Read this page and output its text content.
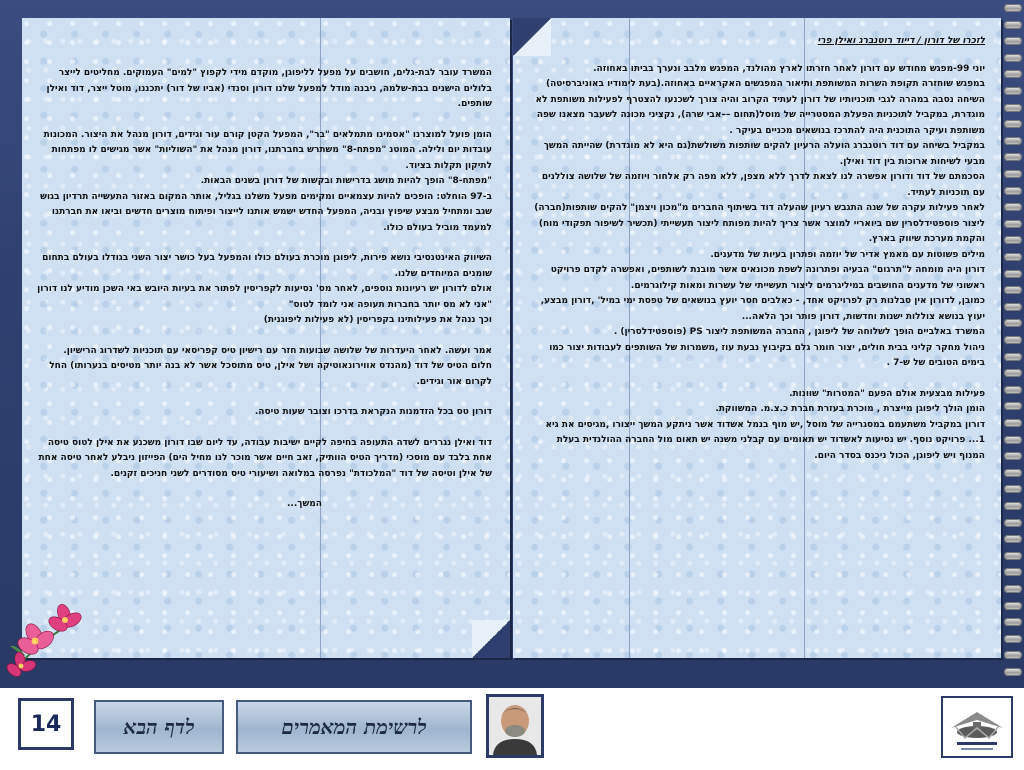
המשרד עובר לבת-גלים, חושבים על מפעל לליפוגן, מוקדם מידי לקפוץ "למים" העמוקים. מחליטים לייצר בלולים הישנים בבת-שלמה, ניבנה מודל למפעל שלנו דורון וסנדי (אביו של דור) יתכננו, מוטל ייצר, דוד ואילן שותפים.

הומן פועל למוצרנו "אסמינו מתמלאים "בר", המפעל הקטן קורם עור וגידים, דורון מנהל את היצור. המכונות עובדות יום ולילה. המוטנ "מפתח-8" משתרש בחברתנו, דורון מנהל את "השוליות" אשר מגישים לו מפתחות לתיקון תקלות בציוד.
"מפתח-8" הופך להיות מושג בדרישות ובקשות של דורון בשנים הבאות.
ב-97 הוחלט: הופכים להיות עצמאיים ומקימים מפעל משלנו בגליל, אותר המקום באזור התעשייה תרדיון בגוש שגב ומתחיל מבצע שיפוץ ובניה, המפעל החדש ישמש אותנו לייצור ופיתוח מוצרים חדשים וביאו את חברתנו למעמד מוביל בעולם כולו.

השיווק האינטנסיבי נושא פירות, ליפוגן מוכרת בעולם כולו והמפעל בעל כושר יצור השני בגודלו בעולם בתחום שומנים המיוחדים שלנו.
אולם לדורון יש רעיונות נוספים, לאחר מס' נסיעות לקפריסין לפתור את בעיות היובש באי השכן מודיע לנו דורון "אני לא מס יותר בחברות תעופה אני לומד לטוס"
וכך ננהל את פעילותינו בקפריסין (לא פעילות ליפוגנית)

אמר ועשה. לאחר היעדרות של שלושה שבועות חזר עם רישיון טיס קפריסאי עם תוכניות לשדרוג הרישיון.
חלום הטיס של דוד (מהנדס אווירונאוטיקה ושל אילן, טיס מתוסכל אשר לא בנה יותר מטיסים בנערותו) החל לקרום אור וגידים.

דורון טס בכל הזדמנות הנקראת בדרכו וצובר שעות טיסה.

דוד ואילן נגררים לשדה התעופה בחיפה לקיים ישיבות עבודה, עד ליום שבו דורון משכנע את אילן לטוס טיסה אחת בלבד עם מוסכי (מדריך הטיס הוותיק, זאב חיים אשר מוכר לנו מחיל הים) הפייזון ניבלע לאחר טיסה אחת של אילן וטיסה של דוד "המלכודת" נפרסה במלואה ושיעורי טיס מסודרים לשני חניכים זקנים.

המשך...

לזכרו של דורון / דייוד רוטנברג ואילן פרי

יוני 99-מפגש מחודש עם דורון לאחר חזרתו לארץ מהולנד, המפגש מלבב ונערך בביתו באחוזה.
במפגש שוחזרה תקופת השרות המשותפת ותיאור המפגשים האקראיים באחוזה.(בעת לימודיו באוניברסיטה)
השיחה נסבה במהרה לגבי תוכניותיו של דורון לעתיד הקרוב והיה צורך לשכנעו להצטרף לפעילות משותפת לא מוגדרת, במקביל לתוכניות הפעלת המסטרייה של מוסל(תחום ––אבי שרה), נקציני מכונה לשעבר מצאנו שפה משותפת ועיקר התוכנית היה להתרכז בנושאים מכניים בעיקר .
במקביל בשיחה עם דוד רוטנברג הועלה הרעיון להקים שותפות משולשת(גם היא לא מוגדרת) שהייתה המשך מבעי לשיחות ארוכות בין דוד ואילן.
הסכמתם של דוד ודורון אפשרה לנו לצאת לדרך ללא מצפן, ללא מפה רק אלחור ויוזמה של שלושה צוללנים עם תוכניות לעתיד.
לאחר פעילות עקרה של שנה התגבש רעיון שהעלה דוד בשיתוף החברים מ"מכון ויצמן" להקים שותפות(חברה) ליצור פוספטידלסרין שם ביואריי למוצר אשר צריך להיות מפותח ליצור תעשייתי (תכשיר לשיפור תפקודי מוח) והקמת מערכת שיווק בארץ.
מילים פשוטות עם מאמץ אדיר של יוזמה ופתרון בעיות של מדענים.
דורון היה מומחה ל"תרגום" הבעיה ופתרונה לשפת מכונאים אשר מובנת לשותפים, ואפשרה לקדם פרויקט ראשוני של מדענים החושבים במיליגרמים ליצור תעשייתי של עשרות ומאות קילוגרמים.
כמובן, לדורון אין סבלנות רק לפרויקט אחד, - כאלבים חסר יועץ בנושאים של טפסת ימי במיל' ,דורון מבצע, יעוץ בנושא צוללות ישנות וחדשות, דורון פותר וכך הלאה...
המשרד באלביים הופך לשלוחה של ליפוגן , החברה המשותפת ליצור PS (פוספטידלסרין) .
ניהול מחקר קליני בבית חולים, יצור חומר גלם בקיבוץ נבעת עוז ,משמרות של השותפים לעבודות יצור כמו בימים הטובים של ש-7 .

פעילות מבצעית אולם הפעם "המטרות" שוונות.
הומן הולך ליפוגן מייצרת , מוכרת בעזרת חברת כ.צ.מ. המשווקת.
דורון במקביל משתעמם במסגרייה של מוסל ,יש מוף בנמל אשדוד אשר ניתקע המשך ייצורו ,מגיסים את גיא 1... פרויקט נוסף. יש נסיעות לאשדוד יש תאומים עם קבלני משנה יש תאום מול החברה ההולנדית בעלת המנוף ויש ליפוגן, הכול ניכנס בסדר היום.

14	לדף הבא	לרשימת המאמרים
